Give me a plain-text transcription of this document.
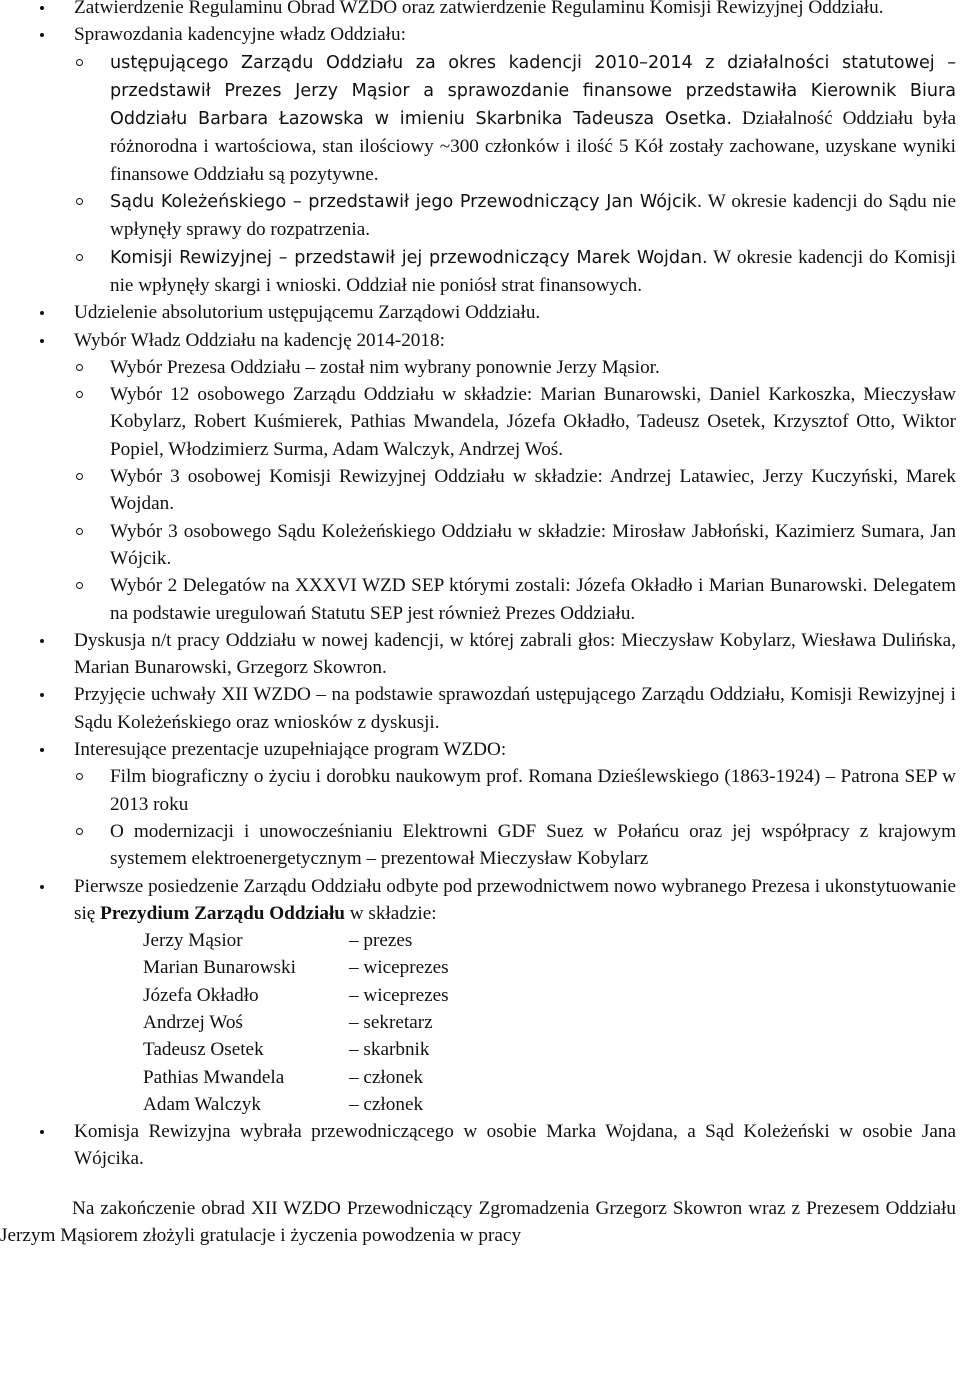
Zatwierdzenie Regulaminu Obrad WZDO oraz zatwierdzenie Regulaminu Komisji Rewizyjnej Oddziału.
Sprawozdania kadencyjne władz Oddziału:
ustępującego Zarządu Oddziału za okres kadencji 2010–2014 z działalności statutowej – przedstawił Prezes Jerzy Mąsior a sprawozdanie finansowe przedstawiła Kierownik Biura Oddziału Barbara Łazowska w imieniu Skarbnika Tadeusza Osetka. Działalność Oddziału była różnorodna i wartościowa, stan ilościowy ~300 członków i ilość 5 Kół zostały zachowane, uzyskane wyniki finansowe Oddziału są pozytywne.
Sądu Koleżeńskiego – przedstawił jego Przewodniczący Jan Wójcik. W okresie kadencji do Sądu nie wpłynęły sprawy do rozpatrzenia.
Komisji Rewizyjnej – przedstawił jej przewodniczący Marek Wojdan. W okresie kadencji do Komisji nie wpłynęły skargi i wnioski. Oddział nie poniósł strat finansowych.
Udzielenie absolutorium ustępującemu Zarządowi Oddziału.
Wybór Władz Oddziału na kadencję 2014-2018:
Wybór Prezesa Oddziału – został nim wybrany ponownie Jerzy Mąsior.
Wybór 12 osobowego Zarządu Oddziału w składzie: Marian Bunarowski, Daniel Karkoszka, Mieczysław Kobylarz, Robert Kuśmierek, Pathias Mwandela, Józefa Okładło, Tadeusz Osetek, Krzysztof Otto, Wiktor Popiel, Włodzimierz Surma, Adam Walczyk, Andrzej Woś.
Wybór 3 osobowej Komisji Rewizyjnej Oddziału w składzie: Andrzej Latawiec, Jerzy Kuczyński, Marek Wojdan.
Wybór 3 osobowego Sądu Koleżeńskiego Oddziału w składzie: Mirosław Jabłoński, Kazimierz Sumara, Jan Wójcik.
Wybór 2 Delegatów na XXXVI WZD SEP którymi zostali: Józefa Okładło i Marian Bunarowski. Delegatem na podstawie uregulowań Statutu SEP jest również Prezes Oddziału.
Dyskusja n/t pracy Oddziału w nowej kadencji, w której zabrali głos: Mieczysław Kobylarz, Wiesława Dulińska, Marian Bunarowski, Grzegorz Skowron.
Przyjęcie uchwały XII WZDO – na podstawie sprawozdań ustępującego Zarządu Oddziału, Komisji Rewizyjnej i Sądu Koleżeńskiego oraz wniosków z dyskusji.
Interesujące prezentacje uzupełniające program WZDO:
Film biograficzny o życiu i dorobku naukowym prof. Romana Dzieślewskiego (1863-1924) – Patrona SEP w 2013 roku
O modernizacji i unowocześnianiu Elektrowni GDF Suez w Połańcu oraz jej współpracy z krajowym systemem elektroenergetycznym – prezentował Mieczysław Kobylarz
Pierwsze posiedzenie Zarządu Oddziału odbyte pod przewodnictwem nowo wybranego Prezesa i ukonstytuowanie się Prezydium Zarządu Oddziału w składzie:
Jerzy Mąsior	– prezes
Marian Bunarowski	– wiceprezes
Józefa Okładło	– wiceprezes
Andrzej Woś	– sekretarz
Tadeusz Osetek	– skarbnik
Pathias Mwandela	– członek
Adam Walczyk	– członek
Komisja Rewizyjna wybrała przewodniczącego w osobie Marka Wojdana, a Sąd Koleżeński w osobie Jana Wójcika.
Na zakończenie obrad XII WZDO Przewodniczący Zgromadzenia Grzegorz Skowron wraz z Prezesem Oddziału Jerzym Mąsiorem złożyli gratulacje i życzenia powodzenia w pracy
